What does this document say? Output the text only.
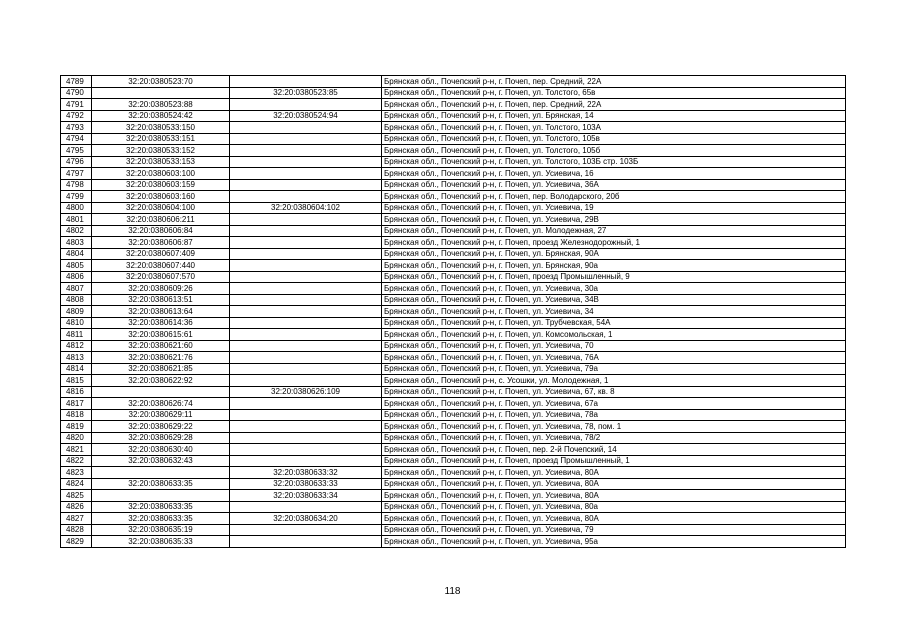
4789	32:20:0380523:70		Брянская обл., Почепский р-н, г. Почеп, пер. Средний, 22А
4790		32:20:0380523:85	Брянская обл., Почепский р-н, г. Почеп, ул. Толстого, 65в
4791	32:20:0380523:88		Брянская обл., Почепский р-н, г. Почеп, пер. Средний, 22А
4792	32:20:0380524:42	32:20:0380524:94	Брянская обл., Почепский р-н, г. Почеп, ул. Брянская, 14
4793	32:20:0380533:150		Брянская обл., Почепский р-н, г. Почеп, ул. Толстого, 103А
4794	32:20:0380533:151		Брянская обл., Почепский р-н, г. Почеп, ул. Толстого, 105в
4795	32:20:0380533:152		Брянская обл., Почепский р-н, г. Почеп, ул. Толстого, 105б
4796	32:20:0380533:153		Брянская обл., Почепский р-н, г. Почеп, ул. Толстого, 103Б стр. 103Б
4797	32:20:0380603:100		Брянская обл., Почепский р-н, г. Почеп, ул. Усиевича, 16
4798	32:20:0380603:159		Брянская обл., Почепский р-н, г. Почеп, ул. Усиевича, 36А
4799	32:20:0380603:160		Брянская обл., Почепский р-н, г. Почеп, пер. Володарского, 20б
4800	32:20:0380604:100	32:20:0380604:102	Брянская обл., Почепский р-н, г. Почеп, ул. Усиевича, 19
4801	32:20:0380606:211		Брянская обл., Почепский р-н, г. Почеп, ул. Усиевича, 29В
4802	32:20:0380606:84		Брянская обл., Почепский р-н, г. Почеп, ул. Молодежная, 27
4803	32:20:0380606:87		Брянская обл., Почепский р-н, г. Почеп, проезд Железнодорожный, 1
4804	32:20:0380607:409		Брянская обл., Почепский р-н, г. Почеп, ул. Брянская, 90А
4805	32:20:0380607:440		Брянская обл., Почепский р-н, г. Почеп, ул. Брянская, 90а
4806	32:20:0380607:570		Брянская обл., Почепский р-н, г. Почеп, проезд Промышленный, 9
4807	32:20:0380609:26		Брянская обл., Почепский р-н, г. Почеп, ул. Усиевича, 30а
4808	32:20:0380613:51		Брянская обл., Почепский р-н, г. Почеп, ул. Усиевича, 34В
4809	32:20:0380613:64		Брянская обл., Почепский р-н, г. Почеп, ул. Усиевича, 34
4810	32:20:0380614:36		Брянская обл., Почепский р-н, г. Почеп, ул. Трубчевская, 54А
4811	32:20:0380615:61		Брянская обл., Почепский р-н, г. Почеп, ул. Комсомольская, 1
4812	32:20:0380621:60		Брянская обл., Почепский р-н, г. Почеп, ул. Усиевича, 70
4813	32:20:0380621:76		Брянская обл., Почепский р-н, г. Почеп, ул. Усиевича, 76А
4814	32:20:0380621:85		Брянская обл., Почепский р-н, г. Почеп, ул. Усиевича, 79а
4815	32:20:0380622:92		Брянская обл., Почепский р-н, с. Усошки, ул. Молодежная, 1
4816		32:20:0380626:109	Брянская обл., Почепский р-н, г. Почеп, ул. Усиевича, 67, кв. 8
4817	32:20:0380626:74		Брянская обл., Почепский р-н, г. Почеп, ул. Усиевича, 67а
4818	32:20:0380629:11		Брянская обл., Почепский р-н, г. Почеп, ул. Усиевича, 78а
4819	32:20:0380629:22		Брянская обл., Почепский р-н, г. Почеп, ул. Усиевича, 78, пом. 1
4820	32:20:0380629:28		Брянская обл., Почепский р-н, г. Почеп, ул. Усиевича, 78/2
4821	32:20:0380630:40		Брянская обл., Почепский р-н, г. Почеп, пер. 2-й Почепский, 14
4822	32:20:0380632:43		Брянская обл., Почепский р-н, г. Почеп, проезд Промышленный, 1
4823		32:20:0380633:32	Брянская обл., Почепский р-н, г. Почеп, ул. Усиевича, 80А
4824	32:20:0380633:35	32:20:0380633:33	Брянская обл., Почепский р-н, г. Почеп, ул. Усиевича, 80А
4825		32:20:0380633:34	Брянская обл., Почепский р-н, г. Почеп, ул. Усиевича, 80А
4826	32:20:0380633:35		Брянская обл., Почепский р-н, г. Почеп, ул. Усиевича, 80а
4827	32:20:0380633:35	32:20:0380634:20	Брянская обл., Почепский р-н, г. Почеп, ул. Усиевича, 80А
4828	32:20:0380635:19		Брянская обл., Почепский р-н, г. Почеп, ул. Усиевича, 79
4829	32:20:0380635:33		Брянская обл., Почепский р-н, г. Почеп, ул. Усиевича, 95а
118
